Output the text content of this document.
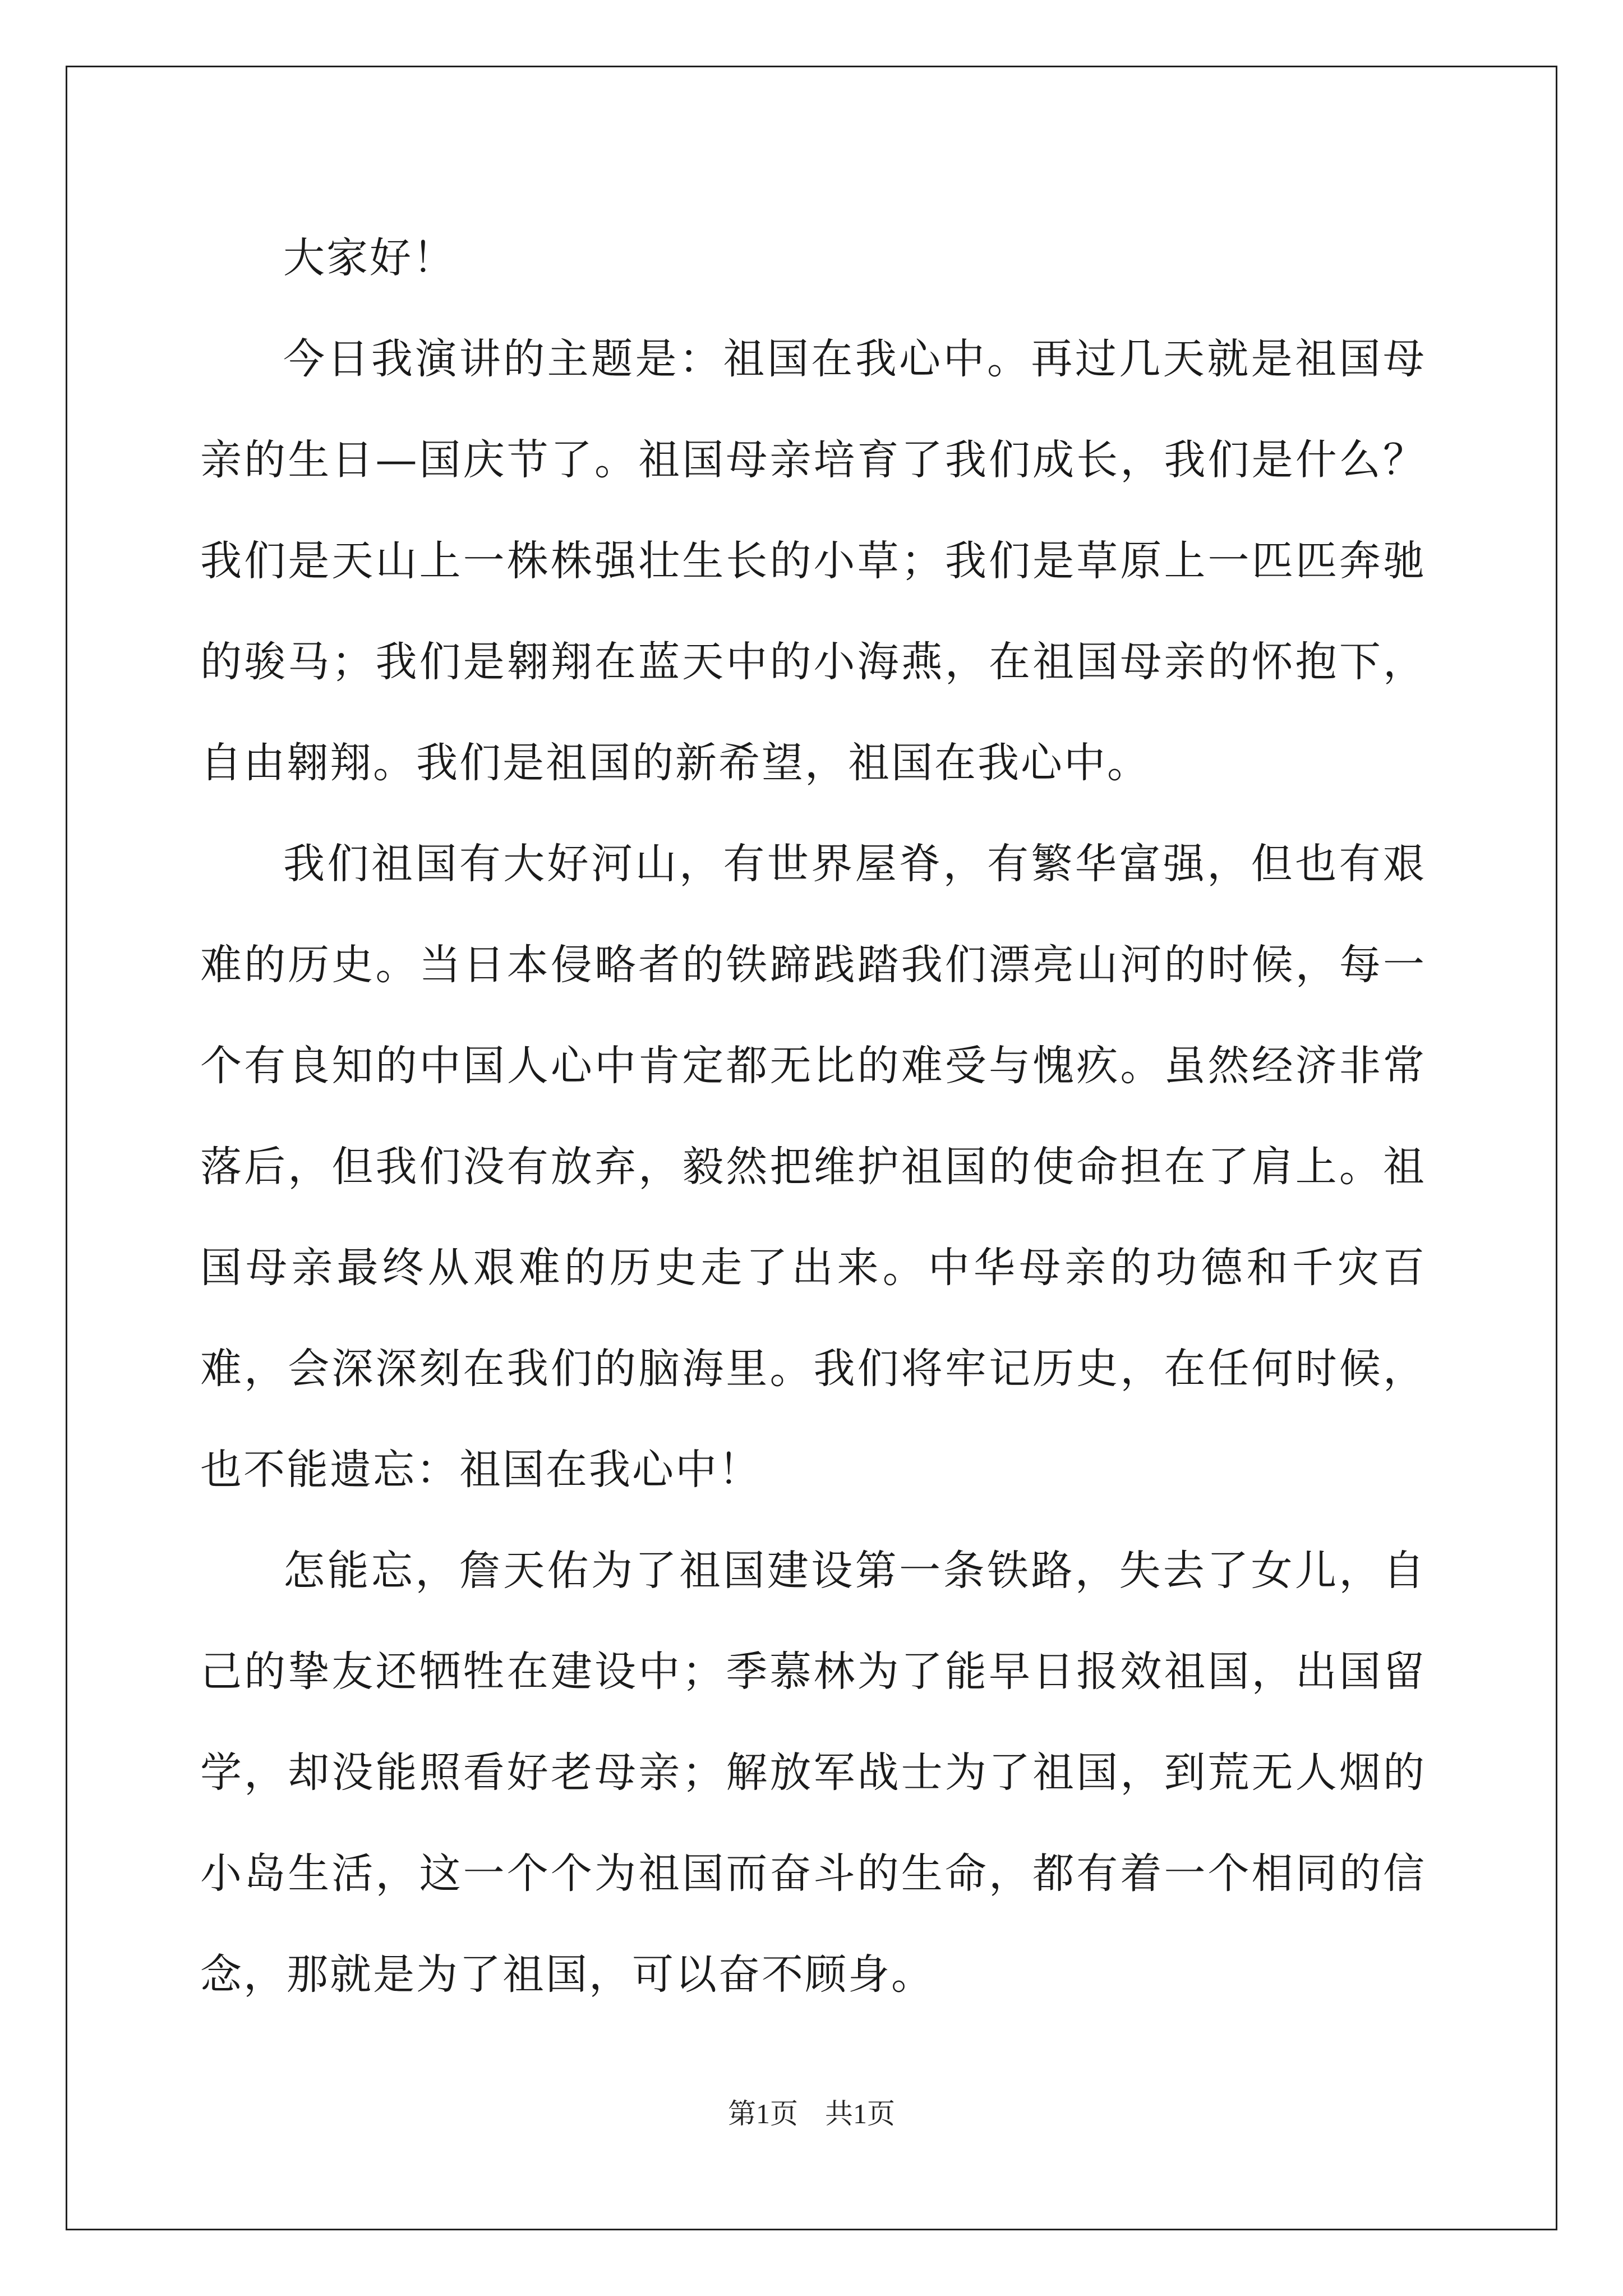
大家好！

今日我演讲的主题是：祖国在我心中。再过几天就是祖国母亲的生日—国庆节了。祖国母亲培育了我们成长，我们是什么？我们是天山上一株株强壮生长的小草；我们是草原上一匹匹奔驰的骏马；我们是翱翔在蓝天中的小海燕，在祖国母亲的怀抱下，自由翱翔。我们是祖国的新希望，祖国在我心中。

我们祖国有大好河山，有世界屋脊，有繁华富强，但也有艰难的历史。当日本侵略者的铁蹄践踏我们漂亮山河的时候，每一个有良知的中国人心中肯定都无比的难受与愧疚。虽然经济非常落后，但我们没有放弃，毅然把维护祖国的使命担在了肩上。祖国母亲最终从艰难的历史走了出来。中华母亲的功德和千灾百难，会深深刻在我们的脑海里。我们将牢记历史，在任何时候，也不能遗忘：祖国在我心中！

怎能忘，詹天佑为了祖国建设第一条铁路，失去了女儿，自己的挚友还牺牲在建设中；季慕林为了能早日报效祖国，出国留学，却没能照看好老母亲；解放军战士为了祖国，到荒无人烟的小岛生活，这一个个为祖国而奋斗的生命，都有着一个相同的信念，那就是为了祖国，可以奋不顾身。

第1页 共1页
